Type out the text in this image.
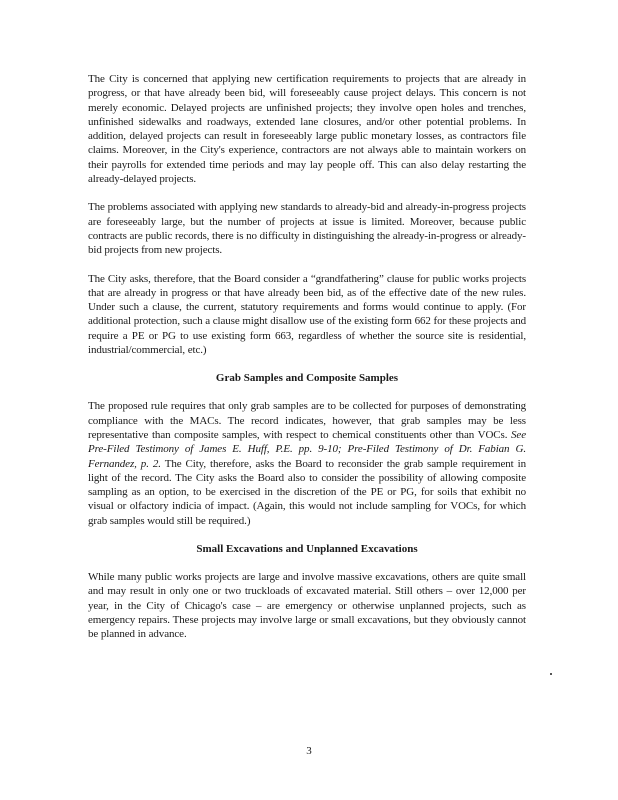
The City is concerned that applying new certification requirements to projects that are already in progress, or that have already been bid, will foreseeably cause project delays. This concern is not merely economic. Delayed projects are unfinished projects; they involve open holes and trenches, unfinished sidewalks and roadways, extended lane closures, and/or other potential problems. In addition, delayed projects can result in foreseeably large public monetary losses, as contractors file claims. Moreover, in the City's experience, contractors are not always able to maintain workers on their payrolls for extended time periods and may lay people off. This can also delay restarting the already-delayed projects.

The problems associated with applying new standards to already-bid and already-in-progress projects are foreseeably large, but the number of projects at issue is limited. Moreover, because public contracts are public records, there is no difficulty in distinguishing the already-in-progress or already-bid projects from new projects.

The City asks, therefore, that the Board consider a “grandfathering” clause for public works projects that are already in progress or that have already been bid, as of the effective date of the new rules. Under such a clause, the current, statutory requirements and forms would continue to apply. (For additional protection, such a clause might disallow use of the existing form 662 for these projects and require a PE or PG to use existing form 663, regardless of whether the source site is residential, industrial/commercial, etc.)

Grab Samples and Composite Samples

The proposed rule requires that only grab samples are to be collected for purposes of demonstrating compliance with the MACs. The record indicates, however, that grab samples may be less representative than composite samples, with respect to chemical constituents other than VOCs. See Pre-Filed Testimony of James E. Huff, P.E. pp. 9-10; Pre-Filed Testimony of Dr. Fabian G. Fernandez, p. 2. The City, therefore, asks the Board to reconsider the grab sample requirement in light of the record. The City asks the Board also to consider the possibility of allowing composite sampling as an option, to be exercised in the discretion of the PE or PG, for soils that exhibit no visual or olfactory indicia of impact. (Again, this would not include sampling for VOCs, for which grab samples would still be required.)

Small Excavations and Unplanned Excavations

While many public works projects are large and involve massive excavations, others are quite small and may result in only one or two truckloads of excavated material. Still others – over 12,000 per year, in the City of Chicago's case – are emergency or otherwise unplanned projects, such as emergency repairs. These projects may involve large or small excavations, but they obviously cannot be planned in advance.

3
